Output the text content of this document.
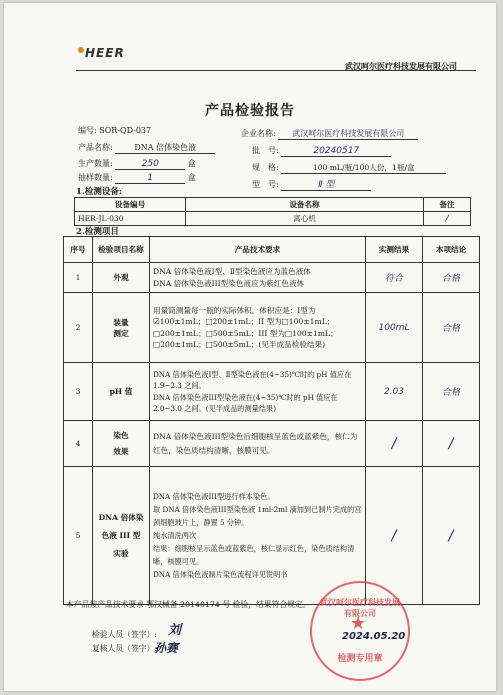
HEER
武汉呵尔医疗科技发展有限公司
产品检验报告
编号: SOR-QD-037	企业名称: 武汉呵尔医疗科技发展有限公司
产品名称:	DNA 倍体染色液	批　号:	20240517
生产数量:	250	盒	规　格:	100 mL/瓶/100人份，1瓶/盒
抽样数量:	1	盒
型　号:	Ⅱ 型
1.检测设备:
设备编号	设备名称	备注
HER-JL-030	离心机	/
2.检测项目
序号	检验项目名称	产品技术要求	实测结果	本项结论
1	外观	DNA 倍体染色液Ⅰ型、Ⅱ型染色液应为蓝色液体
DNA 倍体染色液III型染色液应为紫红色液体	符合	合格
2	装量
测定	用量筒测量每一瓶的实际体积。体积应是：Ⅰ型为☑100±1mL；□200±1mL；II 型为□100±1mL；□200±1mL；□500±5mL；III 型为□100±1mL；□200±1mL；□500±5mL；(见半成品检验结果)	100mL	合格
3	pH 值	DNA 倍体染色液Ⅰ型、Ⅱ型染色液在(4~35)℃时的 pH 值应在 1.9~2.3 之间。
DNA 倍体染色液III型染色液在(4~35)℃时的 pH 值应在 2.0~3.0 之间。(见半成品的测量结果)	2.03	合格
4	染色
效果	DNA 倍体染色液III型染色后细胞核呈蓝色或蓝紫色，核仁为红色，染色质结构清晰，核膜可见。	/	/
5	DNA 倍体染
色液 III 型
实验	DNA 倍体染色液III型进行样本染色。
取 DNA 倍体染色液III型染色液 1ml-2ml 滴加到已制片完成的宫颈细胞玻片上，静置 5 分钟。
纯水清洗两次
结果：细胞核呈示蓝色或蓝紫色，核仁显示红色，染色质结构清晰，核膜可见。
DNA 倍体染色液制片染色流程详见说明书	/	/
本产品按产品技术要求 鄂汉械备 20140174 号 检验，结果符合规定。
检验人员（签字）: 刘
复核人员（签字）:
孙赛
武汉呵尔医疗科技发展有限公司
★
检测专用章
2024.05.20
